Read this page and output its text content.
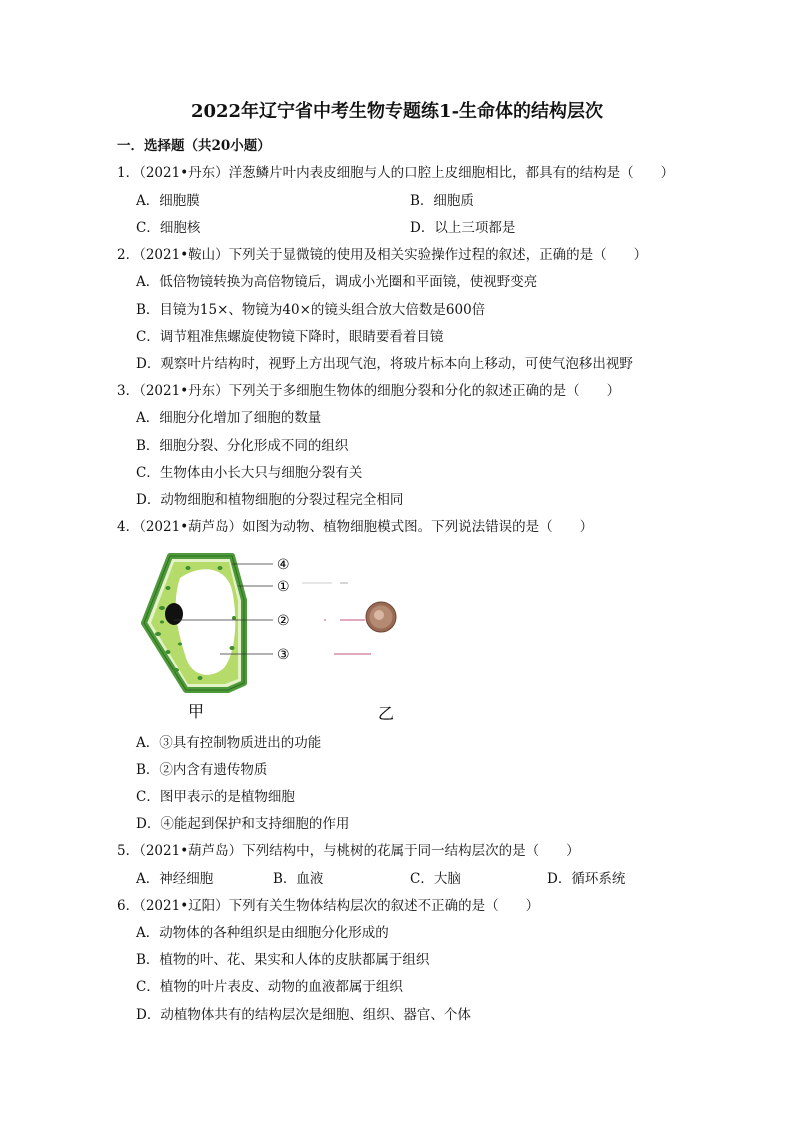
2022年辽宁省中考生物专题练1-生命体的结构层次
一．选择题（共20小题）
1．（2021•丹东）洋葱鳞片叶内表皮细胞与人的口腔上皮细胞相比，都具有的结构是（　　）
A．细胞膜	B．细胞质
C．细胞核	D．以上三项都是
2．（2021•鞍山）下列关于显微镜的使用及相关实验操作过程的叙述，正确的是（　　）
A．低倍物镜转换为高倍物镜后，调成小光圈和平面镜，使视野变亮
B．目镜为15×、物镜为40×的镜头组合放大倍数是600倍
C．调节粗准焦螺旋使物镜下降时，眼睛要看着目镜
D．观察叶片结构时，视野上方出现气泡，将玻片标本向上移动，可使气泡移出视野
3．（2021•丹东）下列关于多细胞生物体的细胞分裂和分化的叙述正确的是（　　）
A．细胞分化增加了细胞的数量
B．细胞分裂、分化形成不同的组织
C．生物体由小长大只与细胞分裂有关
D．动物细胞和植物细胞的分裂过程完全相同
4．（2021•葫芦岛）如图为动物、植物细胞模式图。下列说法错误的是（　　）
④
①
②
③
甲	乙
A．③具有控制物质进出的功能
B．②内含有遗传物质
C．图甲表示的是植物细胞
D．④能起到保护和支持细胞的作用
5．（2021•葫芦岛）下列结构中，与桃树的花属于同一结构层次的是（　　）
A．神经细胞	B．血液	C．大脑	D．循环系统
6．（2021•辽阳）下列有关生物体结构层次的叙述不正确的是（　　）
A．动物体的各种组织是由细胞分化形成的
B．植物的叶、花、果实和人体的皮肤都属于组织
C．植物的叶片表皮、动物的血液都属于组织
D．动植物体共有的结构层次是细胞、组织、器官、个体
